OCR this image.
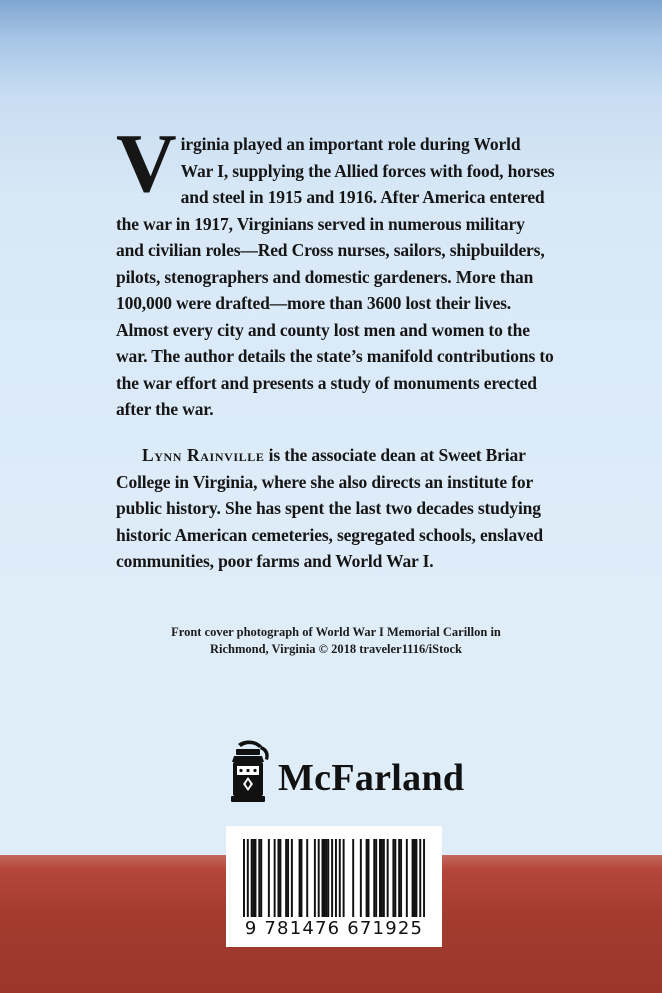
Virginia played an important role during World War I, supplying the Allied forces with food, horses and steel in 1915 and 1916. After America entered the war in 1917, Virginians served in numerous military and civilian roles—Red Cross nurses, sailors, shipbuilders, pilots, stenographers and domestic gardeners. More than 100,000 were drafted—more than 3600 lost their lives. Almost every city and county lost men and women to the war. The author details the state’s manifold contributions to the war effort and presents a study of monuments erected after the war.

Lynn Rainville is the associate dean at Sweet Briar College in Virginia, where she also directs an institute for public history. She has spent the last two decades studying historic American cemeteries, segregated schools, enslaved communities, poor farms and World War I.

Front cover photograph of World War I Memorial Carillon in
Richmond, Virginia © 2018 traveler1116/iStock
McFarland
9 781476 671925
